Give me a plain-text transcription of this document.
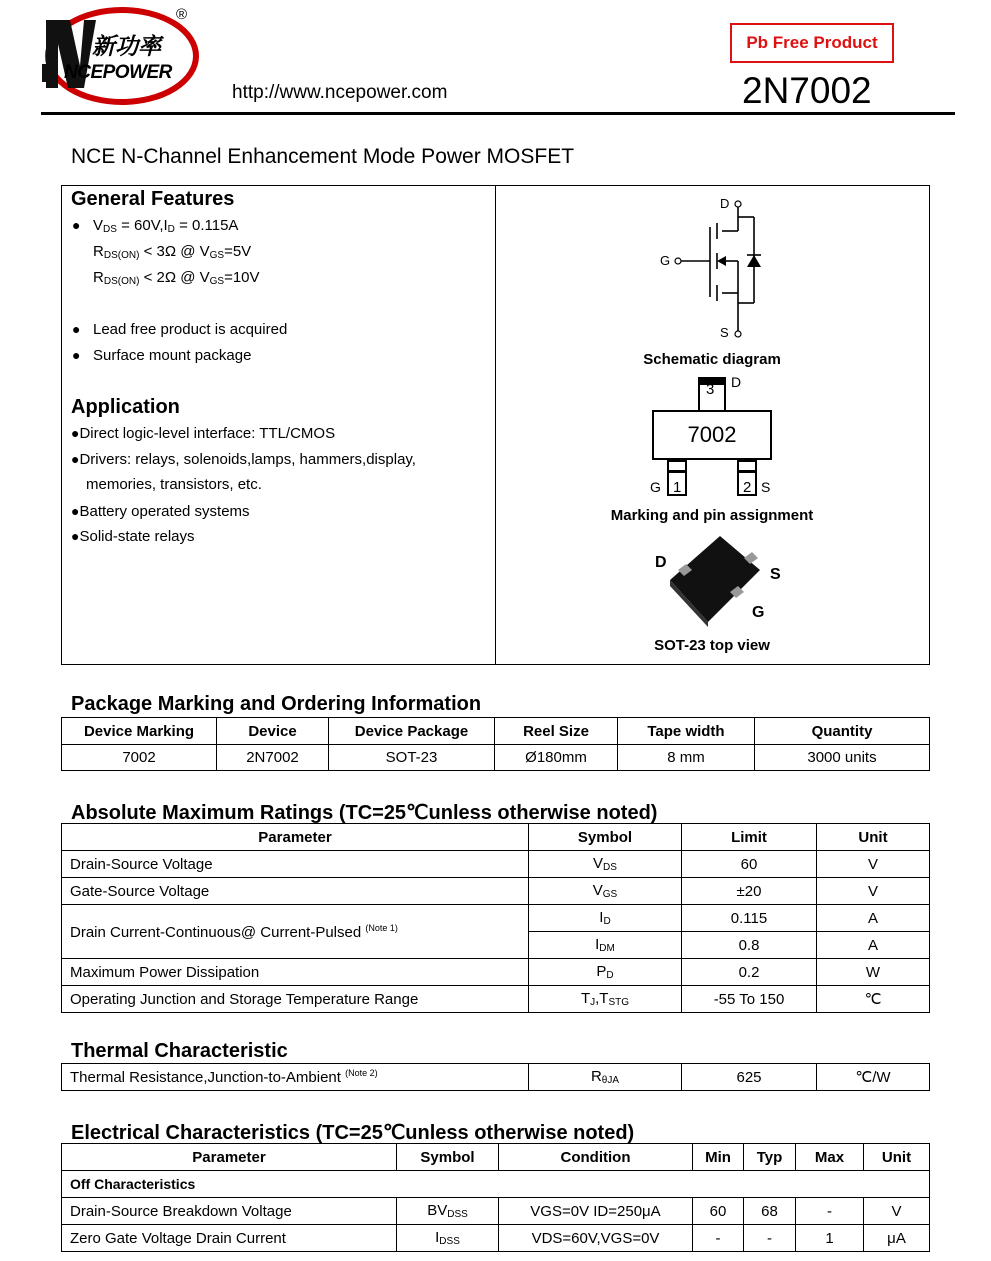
新功率
NCEPOWER
®
http://www.ncepower.com
Pb Free Product
2N7002
NCE N-Channel Enhancement Mode Power MOSFET
General Features
● $V_{DS} = 60V,I_D = 0.115A$
$R_{DS(ON)} < 3\Omega$ @ $V_{GS}=5V$
$R_{DS(ON)} < 2\Omega$ @ $V_{GS}=10V$
● Lead free product is acquired
● Surface mount package
Application
●Direct logic-level interface: TTL/CMOS
●Drivers: relays, solenoids,lamps, hammers,display,
memories, transistors, etc.
●Battery operated systems
●Solid-state relays
D
G
S
Schematic diagram
3 D
7002
1	2
G	S
Marking and pin assignment
D
S
G
SOT-23 top view
Package Marking and Ordering Information
Device Marking	Device	Device Package	Reel Size	Tape width	Quantity
7002	2N7002	SOT-23	Ø180mm	8 mm	3000 units
Absolute Maximum Ratings (TC=25℃unless otherwise noted)
Parameter	Symbol	Limit	Unit
Drain-Source Voltage	$V_{DS}$	60	V
Gate-Source Voltage	$V_{GS}$	±20	V
Drain Current-Continuous@ Current-Pulsed $^{(Note 1)}$	$I_D$	0.115	A
	$I_{DM}$	0.8	A
Maximum Power Dissipation	$P_D$	0.2	W
Operating Junction and Storage Temperature Range	$T_J,T_{STG}$	-55 To 150	℃
Thermal Characteristic
Thermal Resistance,Junction-to-Ambient $^{(Note 2)}$	$R_{\theta JA}$	625	℃/W
Electrical Characteristics (TC=25℃unless otherwise noted)
Parameter	Symbol	Condition	Min	Typ	Max	Unit
Off Characteristics						
Drain-Source Breakdown Voltage	$BV_{DSS}$	VGS=0V ID=250μA	60	68	-	V
Zero Gate Voltage Drain Current	$I_{DSS}$	VDS=60V,VGS=0V	-	-	1	μA
